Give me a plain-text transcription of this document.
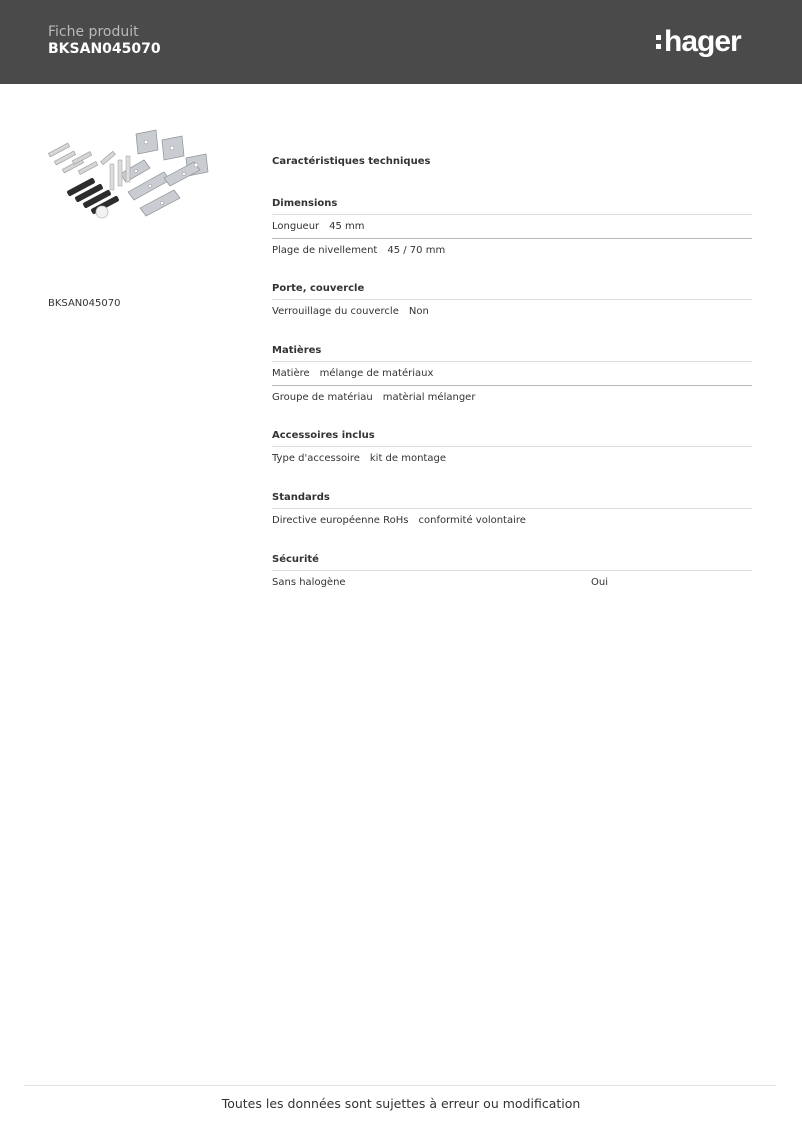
Fiche produit
BKSAN045070	hager
BKSAN045070
Caractéristiques techniques
Dimensions
Longueur 45 mm
Plage de nivellement 45 / 70 mm
Porte, couvercle
Verrouillage du couvercle Non
Matières
Matière mélange de matériaux
Groupe de matériau matèrial mélanger
Accessoires inclus
Type d'accessoire kit de montage
Standards
Directive européenne RoHs conformité volontaire
Sécurité
Sans halogène	Oui
Toutes les données sont sujettes à erreur ou modification
